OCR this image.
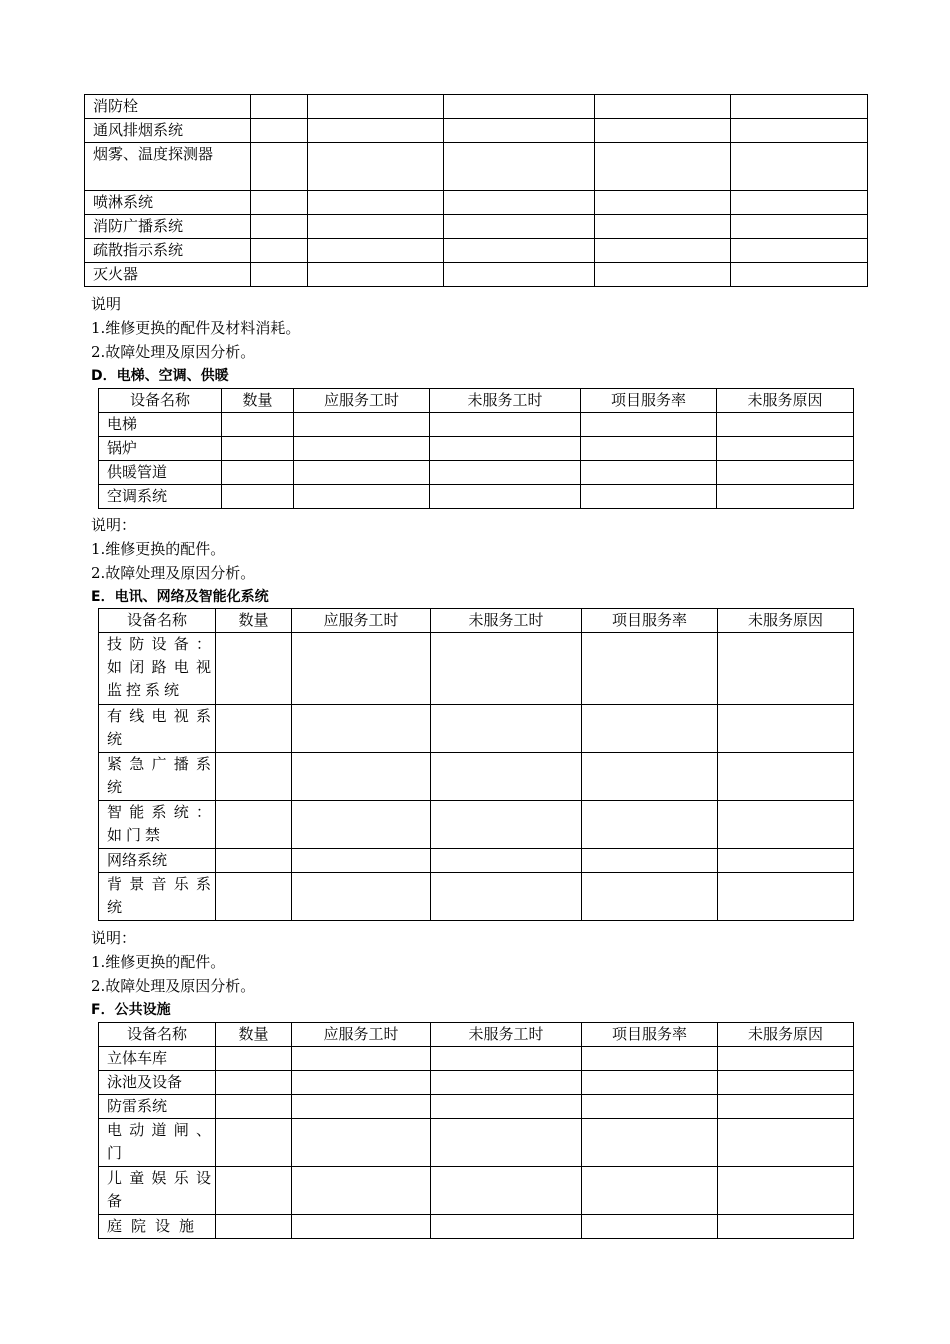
消防栓					
通风排烟系统					
烟雾、温度探测器					
喷淋系统					
消防广播系统					
疏散指示系统					
灭火器					

说明

1.维修更换的配件及材料消耗。

2.故障处理及原因分析。

D．电梯、空调、供暖
设备名称	数量	应服务工时	未服务工时	项目服务率	未服务原因
电梯					
锅炉					
供暖管道					
空调系统					

说明：

1.维修更换的配件。

2.故障处理及原因分析。

E．电讯、网络及智能化系统
设备名称	数量	应服务工时	未服务工时	项目服务率	未服务原因
技防设备：如闭路电视监控系统					
有线电视系统					
紧急广播系统					
智能系统：如门禁					
网络系统					
背景音乐系统					

说明：

1.维修更换的配件。

2.故障处理及原因分析。

F．公共设施
设备名称	数量	应服务工时	未服务工时	项目服务率	未服务原因
立体车库					
泳池及设备					
防雷系统					
电动道闸、门					
儿童娱乐设备					
庭院设施					
